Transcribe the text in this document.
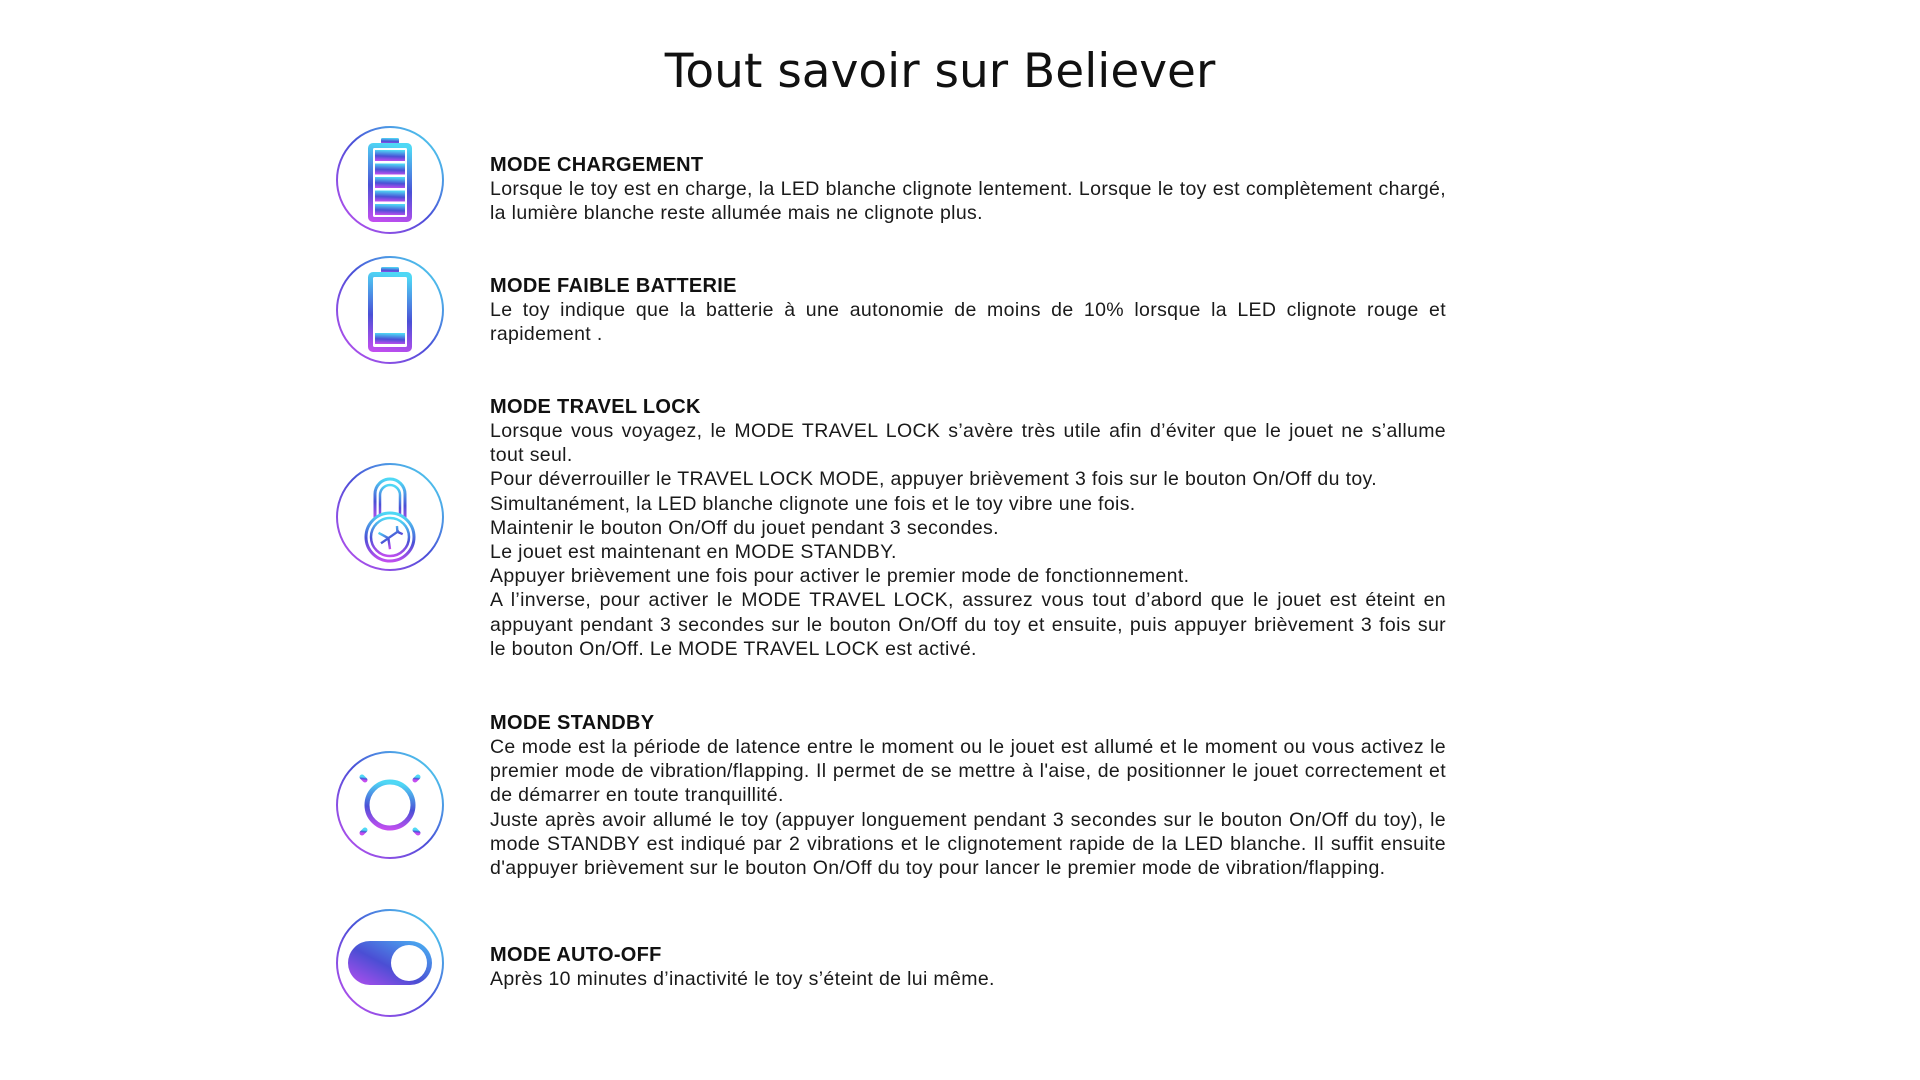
Tout savoir sur Believer
MODE CHARGEMENT

Lorsque le toy est en charge, la LED blanche clignote lentement. Lorsque le toy est complètement chargé, la lumière blanche reste allumée mais ne clignote plus.

MODE FAIBLE BATTERIE

Le toy indique que la batterie à une autonomie de moins de 10% lorsque la LED clignote rouge et rapidement .

MODE TRAVEL LOCK

Lorsque vous voyagez, le MODE TRAVEL LOCK s’avère très utile afin d’éviter que le jouet ne s’allume tout seul.

Pour déverrouiller le TRAVEL LOCK MODE, appuyer brièvement 3 fois sur le bouton On/Off du toy.

Simultanément, la LED blanche clignote une fois et le toy vibre une fois.

Maintenir le bouton On/Off du jouet pendant 3 secondes.

Le jouet est maintenant en MODE STANDBY.

Appuyer brièvement une fois pour activer le premier mode de fonctionnement.

A l’inverse, pour activer le MODE TRAVEL LOCK, assurez vous tout d’abord que le jouet est éteint en appuyant pendant 3 secondes sur le bouton On/Off du toy et ensuite, puis appuyer brièvement 3 fois sur le bouton On/Off. Le MODE TRAVEL LOCK est activé.

MODE STANDBY

Ce mode est la période de latence entre le moment ou le jouet est allumé et le moment ou vous activez le premier mode de vibration/flapping. Il permet de se mettre à l'aise, de positionner le jouet correctement et de démarrer en toute tranquillité.

Juste après avoir allumé le toy (appuyer longuement pendant 3 secondes sur le bouton On/Off du toy), le mode STANDBY est indiqué par 2 vibrations et le clignotement rapide de la LED blanche. Il suffit ensuite d'appuyer brièvement sur le bouton On/Off du toy pour lancer le premier mode de vibration/flapping.

MODE AUTO-OFF

Après 10 minutes d’inactivité le toy s’éteint de lui même.
